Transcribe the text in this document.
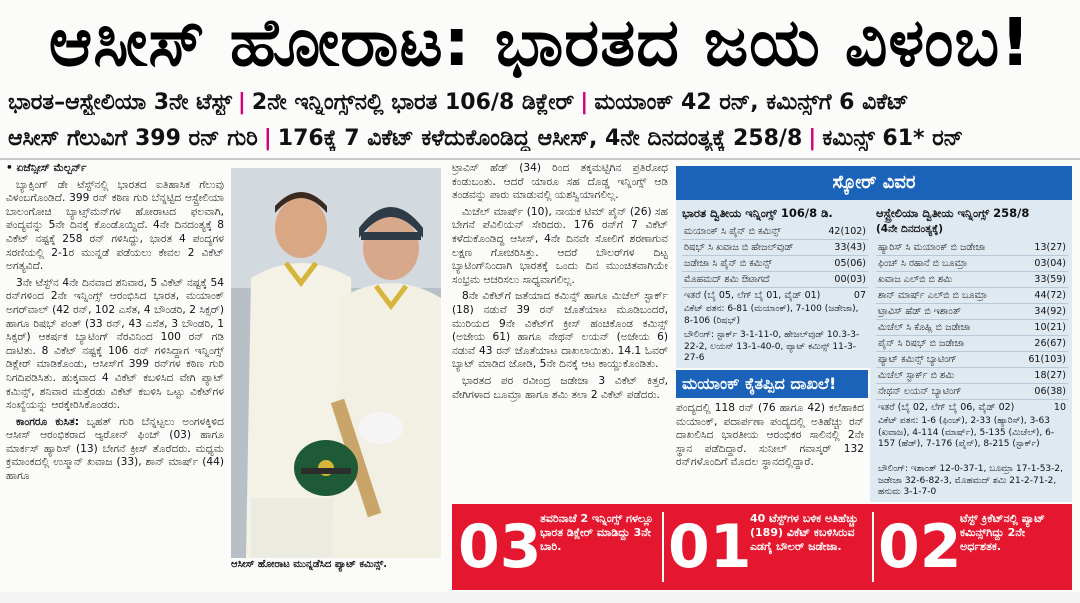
ಆಸೀಸ್ ಹೋರಾಟ: ಭಾರತದ ಜಯ ವಿಳಂಬ!
ಭಾರತ–ಆಸ್ಟ್ರೇಲಿಯಾ 3ನೇ ಟೆಸ್ಟ್ | 2ನೇ ಇನ್ನಿಂಗ್ಸ್‌ನಲ್ಲಿ ಭಾರತ 106/8 ಡಿಕ್ಲೇರ್ | ಮಯಾಂಕ್ 42 ರನ್, ಕಮಿನ್ಸ್‌ಗೆ 6 ವಿಕೆಟ್
ಆಸೀಸ್ ಗೆಲುವಿಗೆ 399 ರನ್ ಗುರಿ | 176ಕ್ಕೆ 7 ವಿಕೆಟ್ ಕಳೆದುಕೊಂಡಿದ್ದ ಆಸೀಸ್, 4ನೇ ದಿನದಂತ್ಯಕ್ಕೆ 258/8 | ಕಮಿನ್ಸ್ 61* ರನ್

• ಏಜೆನ್ಸೀಸ್ ಮೆಲ್ಬರ್ನ್

ಬ್ಯಾಕ್ಸಿಂಗ್ ಡೇ ಟೆಸ್ಟ್‌ನಲ್ಲಿ ಭಾರತದ ಐತಿಹಾಸಿಕ ಗೆಲುವು ವಿಳಂಬಗೊಂಡಿದೆ. 399 ರನ್ ಕಠಿಣ ಗುರಿ ಬೆನ್ನಟ್ಟಿದ ಆಸ್ಟ್ರೇಲಿಯಾ ಬಾಲಂಗೋಚಿ ಬ್ಯಾಟ್ಸ್‌ಮನ್‌ಗಳ ಹೋರಾಟದ ಫಲವಾಗಿ, ಪಂದ್ಯವನ್ನು 5ನೇ ದಿನಕ್ಕೆ ಕೊಂಡೊಯ್ದಿದೆ. 4ನೇ ದಿನದಂತ್ಯಕ್ಕೆ 8 ವಿಕೆಟ್ ನಷ್ಟಕ್ಕೆ 258 ರನ್ ಗಳಿಸಿದ್ದು, ಭಾರತ 4 ಪಂದ್ಯಗಳ ಸರಣಿಯಲ್ಲಿ 2-1ರ ಮುನ್ನಡೆ ಪಡೆಯಲು ಕೇವಲ 2 ವಿಕೆಟ್ ಅಗತ್ಯವಿದೆ.

3ನೇ ಟೆಸ್ಟ್‌ನ 4ನೇ ದಿನವಾದ ಶನಿವಾರ, 5 ವಿಕೆಟ್ ನಷ್ಟಕ್ಕೆ 54 ರನ್‌ಗಳಿಂದ 2ನೇ ಇನ್ನಿಂಗ್ಸ್ ಆರಂಭಿಸಿದ ಭಾರತ, ಮಯಾಂಕ್ ಅಗರ್‌ವಾಲ್ (42 ರನ್, 102 ಎಸೆತ, 4 ಬೌಂಡರಿ, 2 ಸಿಕ್ಸರ್) ಹಾಗೂ ರಿಷಭ್ ಪಂತ್ (33 ರನ್, 43 ಎಸೆತ, 3 ಬೌಂಡರಿ, 1 ಸಿಕ್ಸರ್) ಆಕರ್ಷಕ ಬ್ಯಾಟಿಂಗ್ ನೆರವಿನಿಂದ 100 ರನ್ ಗಡಿ ದಾಟಿತು. 8 ವಿಕೆಟ್ ನಷ್ಟಕ್ಕೆ 106 ರನ್ ಗಳಿಸಿದ್ದಾಗ ಇನ್ನಿಂಗ್ಸ್ ಡಿಕ್ಲೇರ್ ಮಾಡಿಕೊಂಡು, ಆಸೀಸ್‌ಗೆ 399 ರನ್‌ಗಳ ಕಠಿಣ ಗುರಿ ನಿಗದಿಪಡಿಸಿತು. ಹುಕ್ಕವಾದ 4 ವಿಕೆಟ್ ಕಬಳಿಸಿದ ವೇಗಿ ಪ್ಯಾಟ್ ಕಮಿನ್ಸ್, ಶನಿವಾರ ಮತ್ತೆರಡು ವಿಕೆಟ್ ಕಬಳಿಸಿ ಒಟ್ಟು ವಿಕೆಟ್‌ಗಳ ಸಂಖ್ಯೆಯನ್ನು ಆರಕ್ಕೇರಿಸಿಕೊಂಡರು.

ಕಾಂಗರೂ ಕುಸಿತ: ಬೃಹತ್ ಗುರಿ ಬೆನ್ನಟ್ಟಲು ಅಂಗಳಕ್ಕಿಳಿದ ಆಸೀಸ್ ಆರಂಭಿಕರಾದ ಆ್ಯರೋನ್ ಫಿಂಚ್ (03) ಹಾಗೂ ಮಾರ್ಕಸ್ ಹ್ಯಾರಿಸ್ (13) ಬೇಗನೆ ಕ್ರೀಸ್ ತೊರೆದರು. ಮಧ್ಯಮ ಕ್ರಮಾಂಕದಲ್ಲಿ ಉಸ್ಮಾನ್ ಖವಾಜ (33), ಶಾನ್ ಮಾರ್ಷ್ (44) ಹಾಗೂ

ಆಸೀಸ್ ಹೋರಾಟ ಮುನ್ನಡೆಸಿದ ಪ್ಯಾಟ್ ಕಮಿನ್ಸ್.

ಟ್ರಾವಿಸ್ ಹೆಡ್ (34) ರಿಂದ ತಕ್ಕಮಟ್ಟಿಗಿನ ಪ್ರತಿರೋಧ ಕಂಡುಬಂತು. ಆದರೆ ಯಾರೂ ಸಹ ದೊಡ್ಡ ಇನ್ನಿಂಗ್ಸ್ ಆಡಿ ತಂಡವನ್ನು ಪಾರು ಮಾಡುವಲ್ಲಿ ಯಶಸ್ವಿಯಾಗಲಿಲ್ಲ.

ಮಿಚೆಲ್ ಮಾರ್ಷ್ (10), ನಾಯಕ ಟಿಮ್ ಪೈನ್ (26) ಸಹ ಬೇಗನೆ ಪೆವಿಲಿಯನ್ ಸೇರಿದರು. 176 ರನ್‌ಗೆ 7 ವಿಕೆಟ್ ಕಳೆದುಕೊಂಡಿದ್ದ ಆಸೀಸ್, 4ನೇ ದಿನವೇ ಸೋಲಿಗೆ ಶರಣಾಗುವ ಲಕ್ಷಣ ಗೋಚರಿಸಿತ್ತು. ಆದರೆ ಬೌಲರ್‌ಗಳ ದಿಟ್ಟ ಬ್ಯಾಟಿಂಗ್‌ನಿಂದಾಗಿ ಭಾರತಕ್ಕೆ ಒಂದು ದಿನ ಮುಂಚಿತವಾಗಿಯೇ ಸಂಭ್ರಮ ಆಚರಿಸಲು ಸಾಧ್ಯವಾಗಲಿಲ್ಲ.

8ನೇ ವಿಕೆಟ್‌ಗೆ ಜತೆಯಾದ ಕಮಿನ್ಸ್ ಹಾಗೂ ಮಿಚೆಲ್ ಸ್ಟಾರ್ಕ್ (18) ನಡುವೆ 39 ರನ್ ಜೊತೆಯಾಟ ಮೂಡಿಬಂದರೆ, ಮುರಿಯದ 9ನೇ ವಿಕೆಟ್‌ಗೆ ಕ್ರೀಸ್ ಹಂಚಿಕೊಂಡ ಕಮಿನ್ಸ್ (ಅಜೇಯ 61) ಹಾಗೂ ನೇಥನ್ ಲಯನ್ (ಅಜೇಯ 6) ನಡುವೆ 43 ರನ್ ಜೊತೆಯಾಟ ದಾಖಲಾಯಿತು. 14.1 ಓವರ್ ಬ್ಯಾಟ್ ಮಾಡಿದ ಜೋಡಿ, 5ನೇ ದಿನಕ್ಕೆ ಆಟ ಕಾಯ್ದುಕೊಂಡಿತು.

ಭಾರತದ ಪರ ರವೀಂದ್ರ ಜಡೇಜಾ 3 ವಿಕೆಟ್ ಕಿತ್ತರೆ, ವೇಗಿಗಳಾದ ಬೂಮ್ರಾ ಹಾಗೂ ಶಮಿ ತಲಾ 2 ವಿಕೆಟ್ ಪಡೆದರು.

ಸ್ಕೋರ್ ವಿವರ
ಭಾರತ ದ್ವಿತೀಯ ಇನ್ನಿಂಗ್ಸ್ 106/8 ಡಿ.
ಮಯಾಂಕ್ ಸಿ ಪೈನ್ ಬಿ ಕಮಿನ್ಸ್	42(102)
ರಿಷಭ್ ಸಿ ಖವಾಜ ಬಿ ಹೇಜಲ್‌ವುಡ್	33(43)
ಜಡೇಜಾ ಸಿ ಪೈನ್ ಬಿ ಕಮಿನ್ಸ್	05(06)
ಮೊಹಮದ್ ಶಮಿ ಔಟಾಗದೆ	00(03)
ಇತರೆ (ಬೈ 05, ಲೆಗ್ ಬೈ 01, ವೈಡ್ 01)	07
ವಿಕೆಟ್ ಪತನ: 6-81 (ಮಯಾಂಕ್), 7-100 (ಜಡೇಜಾ), 8-106 (ರಿಷಭ್)
ಬೌಲಿಂಗ್: ಸ್ಟಾರ್ಕ್ 3-1-11-0, ಹೇಜಲ್‌ವುಡ್ 10.3-3-22-2, ಲಯನ್ 13-1-40-0, ಪ್ಯಾಟ್ ಕಮಿನ್ಸ್ 11-3-27-6
ಆಸ್ಟ್ರೇಲಿಯಾ ದ್ವಿತೀಯ ಇನ್ನಿಂಗ್ಸ್ 258/8
(4ನೇ ದಿನದಂತ್ಯಕ್ಕೆ)
ಹ್ಯಾರಿಸ್ ಸಿ ಮಯಾಂಕ್ ಬಿ ಜಡೇಜಾ	13(27)
ಫಿಂಚ್ ಸಿ ರಹಾನೆ ಬಿ ಬೂಮ್ರಾ	03(04)
ಖವಾಜ ಎಲ್‌ಬಿ ಬಿ ಶಮಿ	33(59)
ಶಾನ್ ಮಾರ್ಷ್ ಎಲ್‌ಬಿ ಬಿ ಬೂಮ್ರಾ	44(72)
ಟ್ರಾವಿಸ್ ಹೆಡ್ ಬಿ ಇಶಾಂತ್	34(92)
ಮಿಚೆಲ್ ಸಿ ಕೊಹ್ಲಿ ಬಿ ಜಡೇಜಾ	10(21)
ಪೈನ್ ಸಿ ರಿಷಭ್ ಬಿ ಜಡೇಜಾ	26(67)
ಪ್ಯಾಟ್ ಕಮಿನ್ಸ್ ಬ್ಯಾಟಿಂಗ್	61(103)
ಮಿಚೆಲ್ ಸ್ಟಾರ್ಕ್ ಬಿ ಶಮಿ	18(27)
ನೇಥನ್ ಲಯನ್ ಬ್ಯಾಟಿಂಗ್	06(38)
ಇತರೆ (ಬೈ 02, ಲೆಗ್ ಬೈ 06, ವೈಡ್ 02)	10
ವಿಕೆಟ್ ಪತನ: 1-6 (ಫಿಂಚ್), 2-33 (ಹ್ಯಾರಿಸ್), 3-63 (ಖವಾಜ), 4-114 (ಮಾರ್ಷ್), 5-135 (ಮಿಚೆಲ್), 6-157 (ಹೆಡ್), 7-176 (ಪೈನ್), 8-215 (ಸ್ಟಾರ್ಕ್)
ಬೌಲಿಂಗ್: ಇಶಾಂತ್ 12-0-37-1, ಬೂಮ್ರಾ 17-1-53-2, ಜಡೇಜಾ 32-6-82-3, ಮೊಹಮದ್ ಶಮಿ 21-2-71-2, ಹನುಮ 3-1-7-0
ಮಯಾಂಕ್ ಕೈತಪ್ಪಿದ ದಾಖಲೆ!
ಪಂದ್ಯದಲ್ಲಿ 118 ರನ್ (76 ಹಾಗೂ 42) ಕಲೆಹಾಕಿದ ಮಯಾಂಕ್, ಪದಾರ್ಪಣಾ ಪಂದ್ಯದಲ್ಲಿ ಅತಿಹೆಚ್ಚು ರನ್ ದಾಖಲಿಸಿದ ಭಾರತೀಯ ಆರಂಭಿಕರ ಸಾಲಿನಲ್ಲಿ 2ನೇ ಸ್ಥಾನ ಪಡೆದಿದ್ದಾರೆ. ಸುನೀಲ್ ಗವಾಸ್ಕರ್ 132 ರನ್‌ಗಳೊಂದಿಗೆ ಮೊದಲ ಸ್ಥಾನದಲ್ಲಿದ್ದಾರೆ.
03
ತವರಿನಾಚೆ 2 ಇನ್ನಿಂಗ್ಸ್ ಗಳಲ್ಲೂ ಭಾರತ ಡಿಕ್ಲೇರ್ ಮಾಡಿದ್ದು 3ನೇ ಬಾರಿ.	01
40 ಟೆಸ್ಟ್‌ಗಳ ಬಳಿಕ ಅತಿಹೆಚ್ಚು (189) ವಿಕೆಟ್ ಕಬಳಿಸಿರುವ ಎಡಗೈ ಬೌಲರ್ ಜಡೇಜಾ. 02
ಟೆಸ್ಟ್ ಕ್ರಿಕೆಟ್‌ನಲ್ಲಿ ಪ್ಯಾಟ್ ಕಮಿನ್ಸ್‌ಗಿದ್ದು 2ನೇ ಅರ್ಧಶತಕ.
